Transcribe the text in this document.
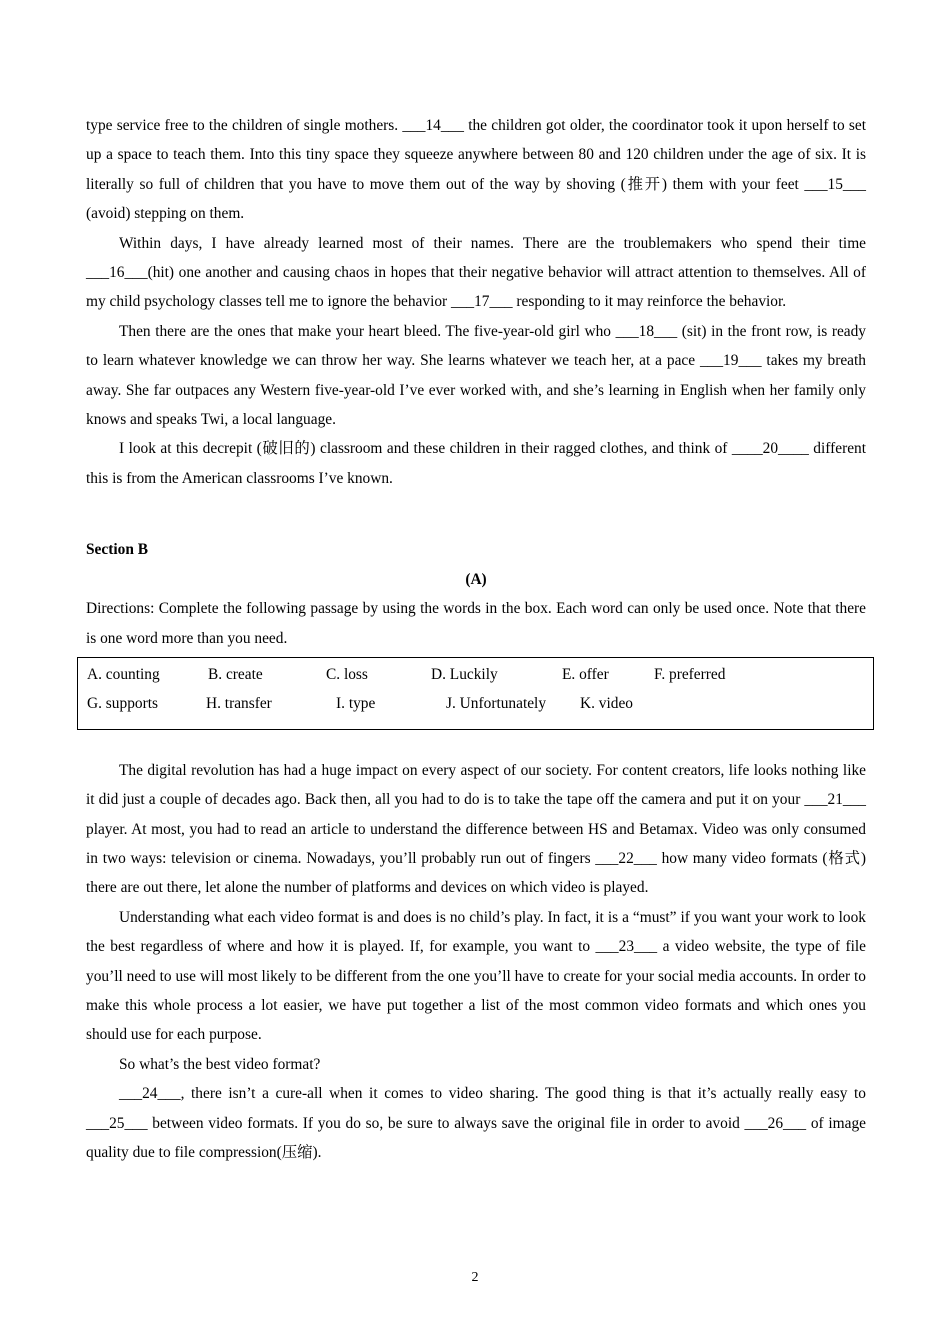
type service free to the children of single mothers. ___14___ the children got older, the coordinator took it upon herself to set up a space to teach them. Into this tiny space they squeeze anywhere between 80 and 120 children under the age of six. It is literally so full of children that you have to move them out of the way by shoving (推开) them with your feet ___15___ (avoid) stepping on them.

Within days, I have already learned most of their names. There are the troublemakers who spend their time ___16___(hit) one another and causing chaos in hopes that their negative behavior will attract attention to themselves. All of my child psychology classes tell me to ignore the behavior ___17___ responding to it may reinforce the behavior.

Then there are the ones that make your heart bleed. The five-year-old girl who ___18___ (sit) in the front row, is ready to learn whatever knowledge we can throw her way. She learns whatever we teach her, at a pace ___19___ takes my breath away. She far outpaces any Western five-year-old I’ve ever worked with, and she’s learning in English when her family only knows and speaks Twi, a local language.

I look at this decrepit (破旧的) classroom and these children in their ragged clothes, and think of ____20____ different this is from the American classrooms I’ve known.

Section B

(A)

Directions: Complete the following passage by using the words in the box. Each word can only be used once. Note that there is one word more than you need.

A. counting	B. create	C. loss	D. Luckily	E. offer	F. preferred
G. supports	H. transfer	I. type	J. Unfortunately K. video

The digital revolution has had a huge impact on every aspect of our society. For content creators, life looks nothing like it did just a couple of decades ago. Back then, all you had to do is to take the tape off the camera and put it on your ___21___ player. At most, you had to read an article to understand the difference between HS and Betamax. Video was only consumed in two ways: television or cinema. Nowadays, you’ll probably run out of fingers ___22___ how many video formats (格式) there are out there, let alone the number of platforms and devices on which video is played.

Understanding what each video format is and does is no child’s play. In fact, it is a “must” if you want your work to look the best regardless of where and how it is played. If, for example, you want to ___23___ a video website, the type of file you’ll need to use will most likely to be different from the one you’ll have to create for your social media accounts. In order to make this whole process a lot easier, we have put together a list of the most common video formats and which ones you should use for each purpose.

So what’s the best video format?

___24___, there isn’t a cure-all when it comes to video sharing. The good thing is that it’s actually really easy to ___25___ between video formats. If you do so, be sure to always save the original file in order to avoid ___26___ of image quality due to file compression(压缩).

2
